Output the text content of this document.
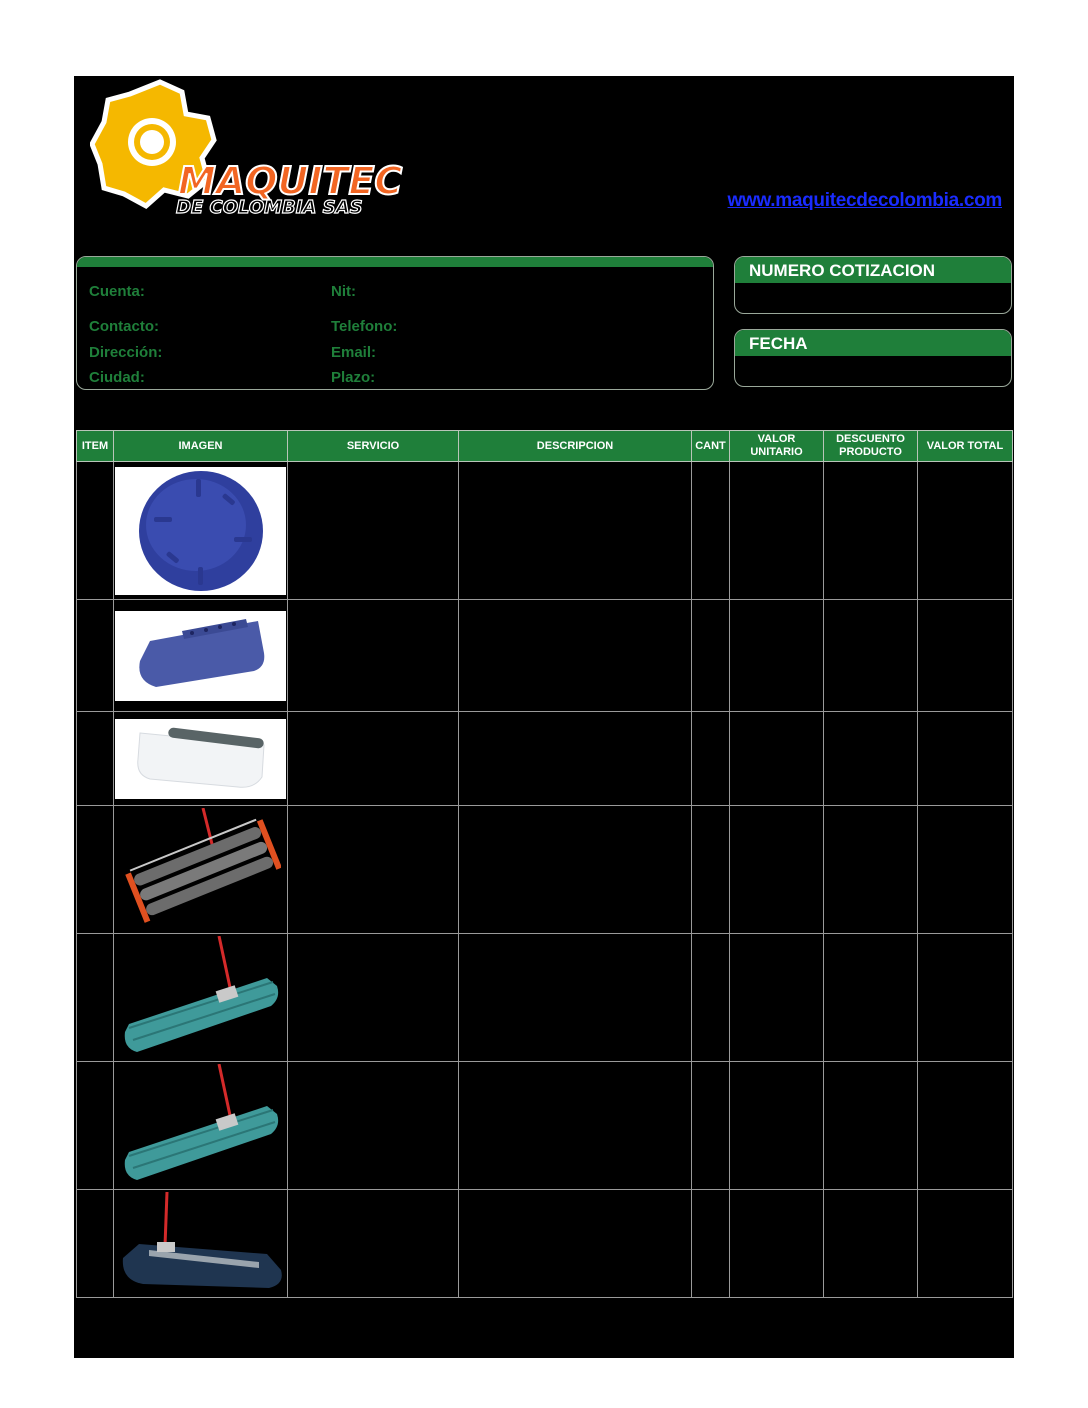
MAQUITEC
DE COLOMBIA SAS	www.maquitecdecolombia.com
Cuenta:	Nit:
Contacto:	Telefono:
Dirección:	Email:
Ciudad:	Plazo:
NUMERO COTIZACION
FECHA
ITEM	IMAGEN	SERVICIO	DESCRIPCION	CANT	VALOR UNITARIO	DESCUENTO PRODUCTO	VALOR TOTAL
